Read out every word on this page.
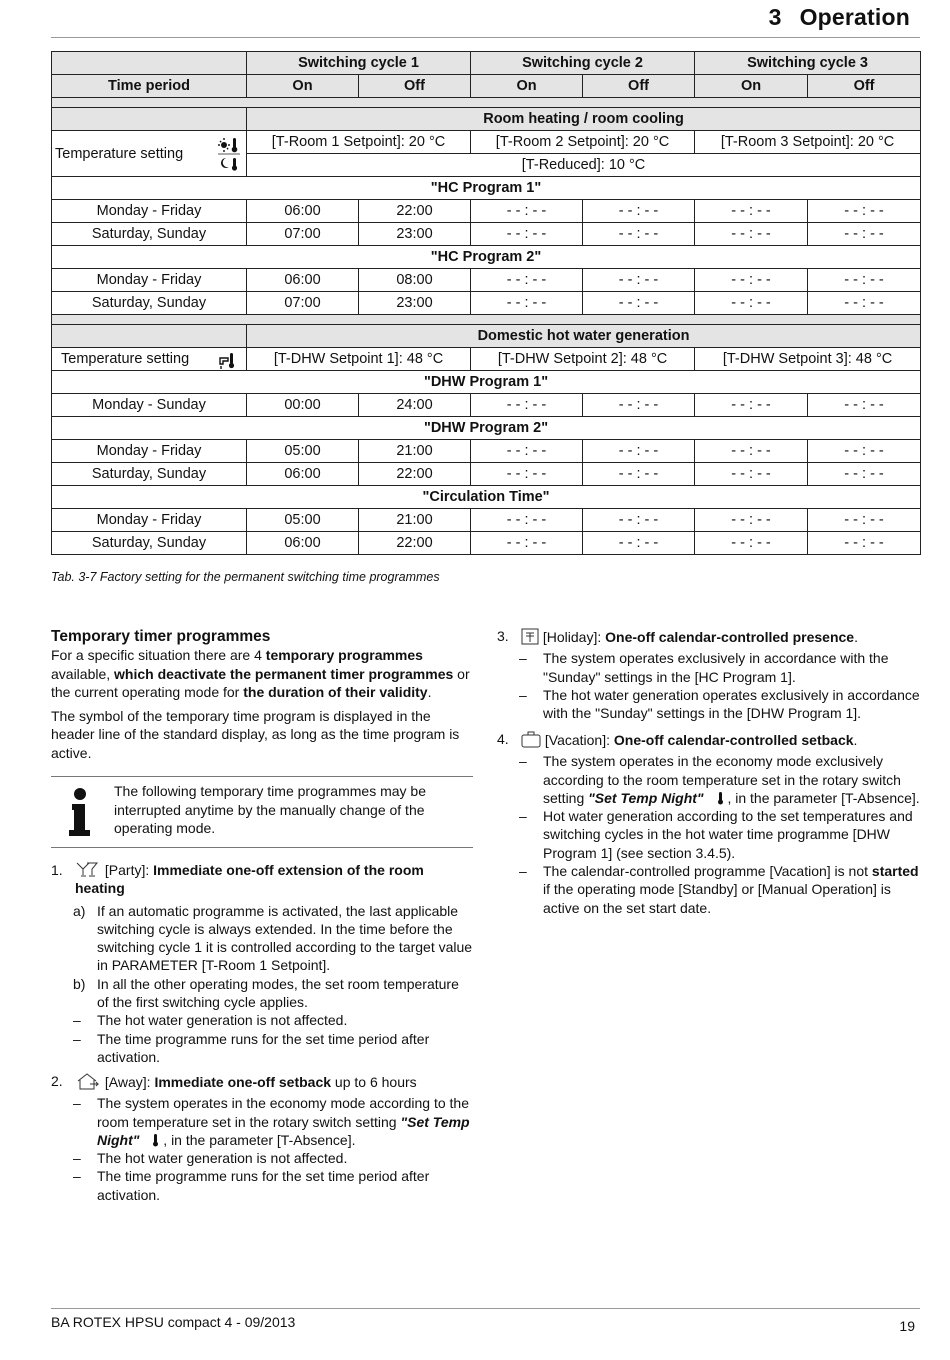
3 Operation
	Switching cycle 1		Switching cycle 2		Switching cycle 3	
Time period	On	Off	On	Off	On	Off

	Room heating / room cooling					

Temperature setting	[T-Room 1 Setpoint]: 20 °C		[T-Room 2 Setpoint]: 20 °C		[T-Room 3 Setpoint]: 20 °C	
	[T-Reduced]: 10 °C					
"HC Program 1"						
Monday - Friday	06:00	22:00	- - : - -	- - : - -	- - : - -	- - : - -
Saturday, Sunday	07:00	23:00	- - : - -	- - : - -	- - : - -	- - : - -
"HC Program 2"						
Monday - Friday	06:00	08:00	- - : - -	- - : - -	- - : - -	- - : - -
Saturday, Sunday	07:00	23:00	- - : - -	- - : - -	- - : - -	- - : - -

	Domestic hot water generation					

Temperature setting	[T-DHW Setpoint 1]: 48 °C		[T-DHW Setpoint 2]: 48 °C		[T-DHW Setpoint 3]: 48 °C	
"DHW Program 1"						
Monday - Sunday	00:00	24:00	- - : - -	- - : - -	- - : - -	- - : - -
"DHW Program 2"						
Monday - Friday	05:00	21:00	- - : - -	- - : - -	- - : - -	- - : - -
Saturday, Sunday	06:00	22:00	- - : - -	- - : - -	- - : - -	- - : - -
"Circulation Time"						
Monday - Friday	05:00	21:00	- - : - -	- - : - -	- - : - -	- - : - -
Saturday, Sunday	06:00	22:00	- - : - -	- - : - -	- - : - -	- - : - -
Tab. 3-7 Factory setting for the permanent switching time programmes
Temporary timer programmes

For a specific situation there are 4 temporary programmes available, which deactivate the permanent timer programmes or the current operating mode for the duration of their validity.

The symbol of the temporary time program is displayed in the header line of the standard display, as long as the time program is active.

The following temporary time programmes may be interrupted anytime by the manually change of the operating mode.
1.	[Party]: Immediate one-off extension of the room heating
a) If an automatic programme is activated, the last applicable switching cycle is always extended. In the time before the switching cycle 1 it is controlled according to the target value in PARAMETER [T-Room 1 Setpoint].
b) In all the other operating modes, the set room temperature of the first switching cycle applies.
– The hot water generation is not affected.
– The time programme runs for the set time period after activation.
2.	[Away]: Immediate one-off setback up to 6 hours
– The system operates in the economy mode according to the room temperature set in the rotary switch setting "Set Temp Night" , in the parameter [T-Absence].
– The hot water generation is not affected.
– The time programme runs for the set time period after activation.
3.	[Holiday]: One-off calendar-controlled presence.
– The system operates exclusively in accordance with the "Sunday" settings in the [HC Program 1].
– The hot water generation operates exclusively in accordance with the "Sunday" settings in the [DHW Program 1].
4.	[Vacation]: One-off calendar-controlled setback.
– The system operates in the economy mode exclusively according to the room temperature set in the rotary switch setting "Set Temp Night" , in the parameter [T-Absence].
– Hot water generation according to the set temperatures and switching cycles in the hot water time programme [DHW Program 1] (see section 3.4.5).
– The calendar-controlled programme [Vacation] is not started if the operating mode [Standby] or [Manual Operation] is active on the set start date.
BA ROTEX HPSU compact 4 - 09/2013	19
